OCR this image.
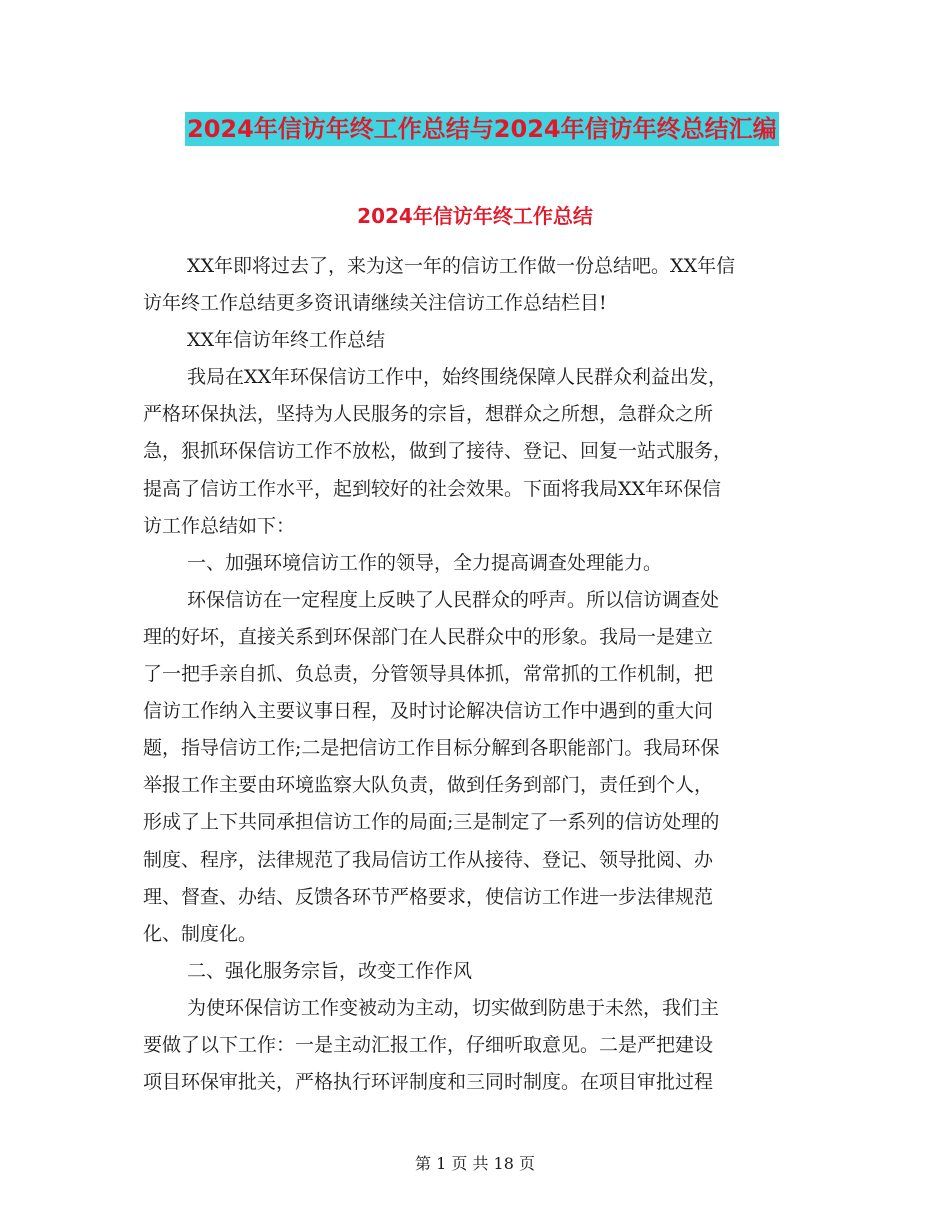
2024年信访年终工作总结与2024年信访年终总结汇编
2024年信访年终工作总结
XX年即将过去了，来为这一年的信访工作做一份总结吧。XX年信
访年终工作总结更多资讯请继续关注信访工作总结栏目!
XX年信访年终工作总结
我局在XX年环保信访工作中，始终围绕保障人民群众利益出发，
严格环保执法，坚持为人民服务的宗旨，想群众之所想，急群众之所
急，狠抓环保信访工作不放松，做到了接待、登记、回复一站式服务，
提高了信访工作水平，起到较好的社会效果。下面将我局XX年环保信
访工作总结如下：
一、加强环境信访工作的领导，全力提高调查处理能力。
环保信访在一定程度上反映了人民群众的呼声。所以信访调查处
理的好坏，直接关系到环保部门在人民群众中的形象。我局一是建立
了一把手亲自抓、负总责，分管领导具体抓，常常抓的工作机制，把
信访工作纳入主要议事日程，及时讨论解决信访工作中遇到的重大问
题，指导信访工作;二是把信访工作目标分解到各职能部门。我局环保
举报工作主要由环境监察大队负责，做到任务到部门，责任到个人，
形成了上下共同承担信访工作的局面;三是制定了一系列的信访处理的
制度、程序，法律规范了我局信访工作从接待、登记、领导批阅、办
理、督查、办结、反馈各环节严格要求，使信访工作进一步法律规范
化、制度化。
二、强化服务宗旨，改变工作作风
为使环保信访工作变被动为主动，切实做到防患于未然，我们主
要做了以下工作：一是主动汇报工作，仔细听取意见。二是严把建设
项目环保审批关，严格执行环评制度和三同时制度。在项目审批过程
第 1 页 共 18 页
